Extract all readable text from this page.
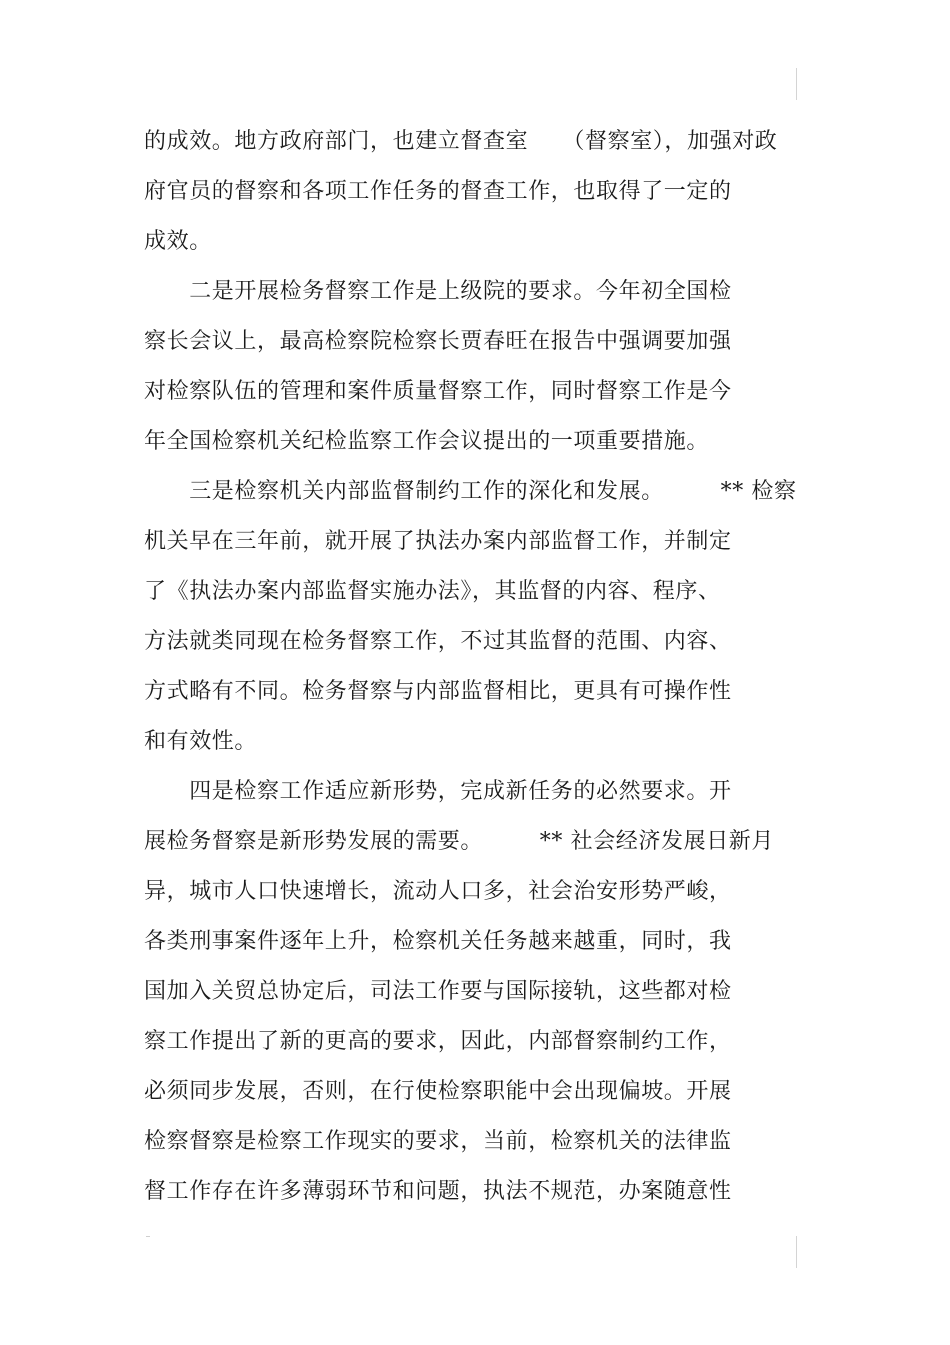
的成效。地方政府部门，也建立督查室　　（督察室），加强对政
府官员的督察和各项工作任务的督查工作，也取得了一定的
成效。
　　二是开展检务督察工作是上级院的要求。今年初全国检
察长会议上，最高检察院检察长贾春旺在报告中强调要加强
对检察队伍的管理和案件质量督察工作，同时督察工作是今
年全国检察机关纪检监察工作会议提出的一项重要措施。
　　三是检察机关内部监督制约工作的深化和发展。　　　** 检察
机关早在三年前，就开展了执法办案内部监督工作，并制定
了《执法办案内部监督实施办法》，其监督的内容、程序、
方法就类同现在检务督察工作，不过其监督的范围、内容、
方式略有不同。检务督察与内部监督相比，更具有可操作性
和有效性。
　　四是检察工作适应新形势，完成新任务的必然要求。开
展检务督察是新形势发展的需要。　　　** 社会经济发展日新月
异，城市人口快速增长，流动人口多，社会治安形势严峻，
各类刑事案件逐年上升，检察机关任务越来越重，同时，我
国加入关贸总协定后，司法工作要与国际接轨，这些都对检
察工作提出了新的更高的要求，因此，内部督察制约工作，
必须同步发展，否则，在行使检察职能中会出现偏坡。开展
检察督察是检察工作现实的要求，当前，检察机关的法律监
督工作存在许多薄弱环节和问题，执法不规范，办案随意性
